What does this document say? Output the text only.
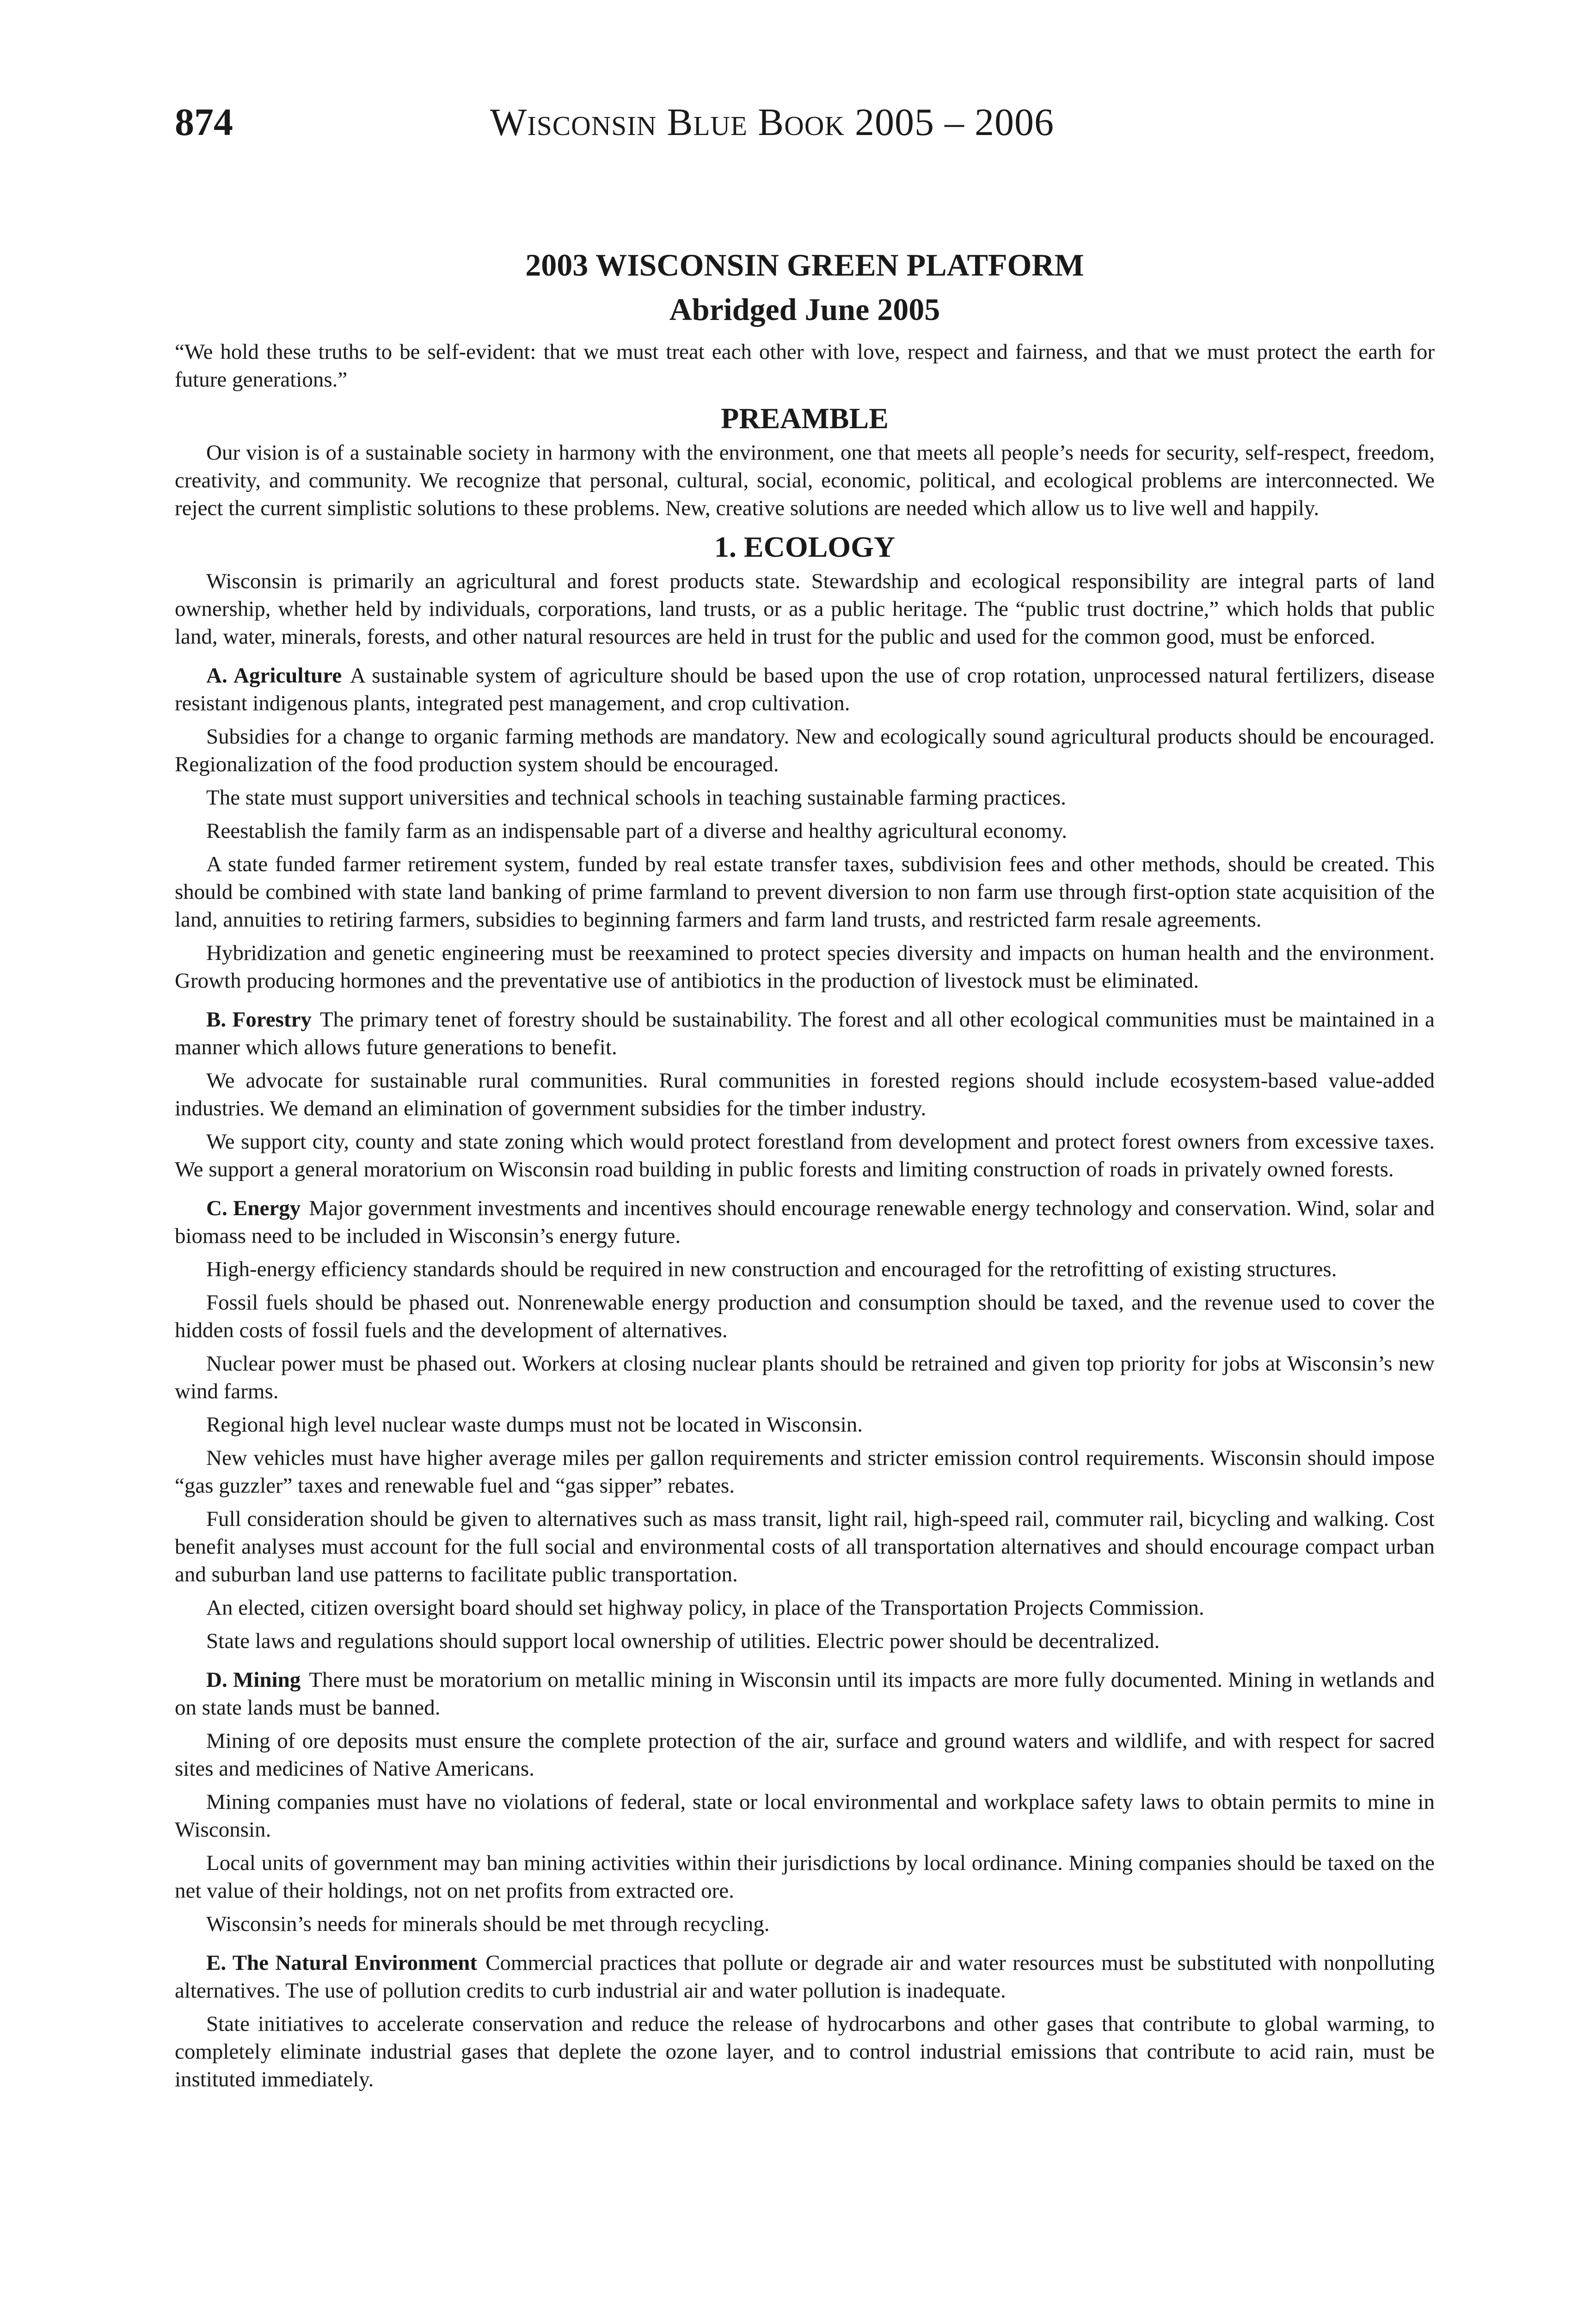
874	Wisconsin Blue Book 2005 – 2006
2003 WISCONSIN GREEN PLATFORM
Abridged June 2005

“We hold these truths to be self-evident: that we must treat each other with love, respect and fairness, and that we must protect the earth for future generations.”

PREAMBLE

Our vision is of a sustainable society in harmony with the environment, one that meets all people’s needs for security, self-respect, freedom, creativity, and community. We recognize that personal, cultural, social, economic, political, and ecological problems are interconnected. We reject the current simplistic solutions to these problems. New, creative solutions are needed which allow us to live well and happily.

1. ECOLOGY

Wisconsin is primarily an agricultural and forest products state. Stewardship and ecological responsibility are integral parts of land ownership, whether held by individuals, corporations, land trusts, or as a public heritage. The “public trust doctrine,” which holds that public land, water, minerals, forests, and other natural resources are held in trust for the public and used for the common good, must be enforced.

A. Agriculture A sustainable system of agriculture should be based upon the use of crop rotation, unprocessed natural fertilizers, disease resistant indigenous plants, integrated pest management, and crop cultivation.

Subsidies for a change to organic farming methods are mandatory. New and ecologically sound agricultural products should be encouraged. Regionalization of the food production system should be encouraged.

The state must support universities and technical schools in teaching sustainable farming practices.

Reestablish the family farm as an indispensable part of a diverse and healthy agricultural economy.

A state funded farmer retirement system, funded by real estate transfer taxes, subdivision fees and other methods, should be created. This should be combined with state land banking of prime farmland to prevent diversion to non farm use through first-option state acquisition of the land, annuities to retiring farmers, subsidies to beginning farmers and farm land trusts, and restricted farm resale agreements.

Hybridization and genetic engineering must be reexamined to protect species diversity and impacts on human health and the environment. Growth producing hormones and the preventative use of antibiotics in the production of livestock must be eliminated.

B. Forestry The primary tenet of forestry should be sustainability. The forest and all other ecological communities must be maintained in a manner which allows future generations to benefit.

We advocate for sustainable rural communities. Rural communities in forested regions should include ecosystem-based value-added industries. We demand an elimination of government subsidies for the timber industry.

We support city, county and state zoning which would protect forestland from development and protect forest owners from excessive taxes. We support a general moratorium on Wisconsin road building in public forests and limiting construction of roads in privately owned forests.

C. Energy Major government investments and incentives should encourage renewable energy technology and conservation. Wind, solar and biomass need to be included in Wisconsin’s energy future.

High-energy efficiency standards should be required in new construction and encouraged for the retrofitting of existing structures.

Fossil fuels should be phased out. Nonrenewable energy production and consumption should be taxed, and the revenue used to cover the hidden costs of fossil fuels and the development of alternatives.

Nuclear power must be phased out. Workers at closing nuclear plants should be retrained and given top priority for jobs at Wisconsin’s new wind farms.

Regional high level nuclear waste dumps must not be located in Wisconsin.

New vehicles must have higher average miles per gallon requirements and stricter emission control requirements. Wisconsin should impose “gas guzzler” taxes and renewable fuel and “gas sipper” rebates.

Full consideration should be given to alternatives such as mass transit, light rail, high-speed rail, commuter rail, bicycling and walking. Cost benefit analyses must account for the full social and environmental costs of all transportation alternatives and should encourage compact urban and suburban land use patterns to facilitate public transportation.

An elected, citizen oversight board should set highway policy, in place of the Transportation Projects Commission.

State laws and regulations should support local ownership of utilities. Electric power should be decentralized.

D. Mining There must be moratorium on metallic mining in Wisconsin until its impacts are more fully documented. Mining in wetlands and on state lands must be banned.

Mining of ore deposits must ensure the complete protection of the air, surface and ground waters and wildlife, and with respect for sacred sites and medicines of Native Americans.

Mining companies must have no violations of federal, state or local environmental and workplace safety laws to obtain permits to mine in Wisconsin.

Local units of government may ban mining activities within their jurisdictions by local ordinance. Mining companies should be taxed on the net value of their holdings, not on net profits from extracted ore.

Wisconsin’s needs for minerals should be met through recycling.

E. The Natural Environment Commercial practices that pollute or degrade air and water resources must be substituted with nonpolluting alternatives. The use of pollution credits to curb industrial air and water pollution is inadequate.

State initiatives to accelerate conservation and reduce the release of hydrocarbons and other gases that contribute to global warming, to completely eliminate industrial gases that deplete the ozone layer, and to control industrial emissions that contribute to acid rain, must be instituted immediately.
